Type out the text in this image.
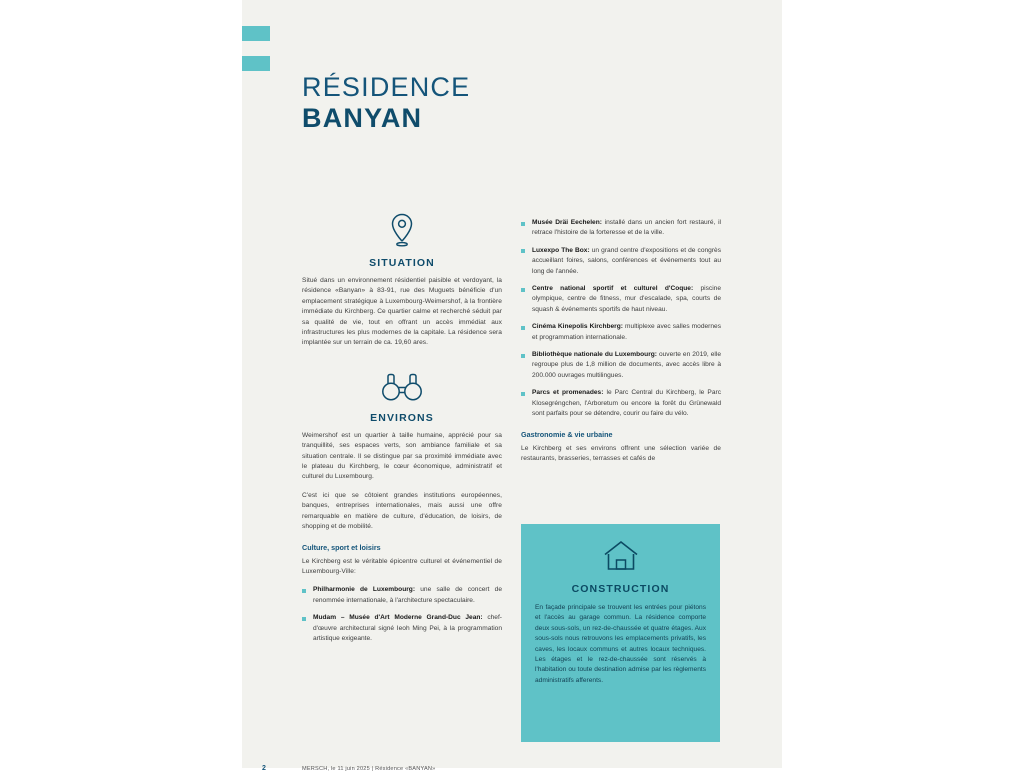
RÉSIDENCE
BANYAN
SITUATION

Situé dans un environnement résidentiel paisible et verdoyant, la résidence «Banyan» à 83-91, rue des Muguets bénéficie d'un emplacement stratégique à Luxembourg-Weimershof, à la frontière immédiate du Kirchberg. Ce quartier calme et recherché séduit par sa qualité de vie, tout en offrant un accès immédiat aux infrastructures les plus modernes de la capitale. La résidence sera implantée sur un terrain de ca. 19,60 ares.

ENVIRONS

Weimershof est un quartier à taille humaine, apprécié pour sa tranquillité, ses espaces verts, son ambiance familiale et sa situation centrale. Il se distingue par sa proximité immédiate avec le plateau du Kirchberg, le cœur économique, administratif et culturel du Luxembourg.

C'est ici que se côtoient grandes institutions européennes, banques, entreprises internationales, mais aussi une offre remarquable en matière de culture, d'éducation, de loisirs, de shopping et de mobilité.

Culture, sport et loisirs

Le Kirchberg est le véritable épicentre culturel et événementiel de Luxembourg-Ville:

Philharmonie de Luxembourg: une salle de concert de renommée internationale, à l'architecture spectaculaire.
Mudam – Musée d'Art Moderne Grand-Duc Jean: chef-d'œuvre architectural signé Ieoh Ming Pei, à la programmation artistique exigeante.
Musée Dräi Eechelen: installé dans un ancien fort restauré, il retrace l'histoire de la forteresse et de la ville.
Luxexpo The Box: un grand centre d'expositions et de congrès accueillant foires, salons, conférences et événements tout au long de l'année.
Centre national sportif et culturel d'Coque: piscine olympique, centre de fitness, mur d'escalade, spa, courts de squash & événements sportifs de haut niveau.
Cinéma Kinepolis Kirchberg: multiplexe avec salles modernes et programmation internationale.
Bibliothèque nationale du Luxembourg: ouverte en 2019, elle regroupe plus de 1,8 million de documents, avec accès libre à 200.000 ouvrages multilingues.
Parcs et promenades: le Parc Central du Kirchberg, le Parc Klosegréngchen, l'Arboretum ou encore la forêt du Grünewald sont parfaits pour se détendre, courir ou faire du vélo.
Gastronomie & vie urbaine

Le Kirchberg et ses environs offrent une sélection variée de restaurants, brasseries, terrasses et cafés de

CONSTRUCTION

En façade principale se trouvent les entrées pour piétons et l'accès au garage commun. La résidence comporte deux sous-sols, un rez-de-chaussée et quatre étages. Aux sous-sols nous retrouvons les emplacements privatifs, les caves, les locaux communs et autres locaux techniques. Les étages et le rez-de-chaussée sont réservés à l'habitation ou toute destination admise par les règlements administratifs afferents.

2	MERSCH, le 11 juin 2025 | Résidence «BANYAN»
